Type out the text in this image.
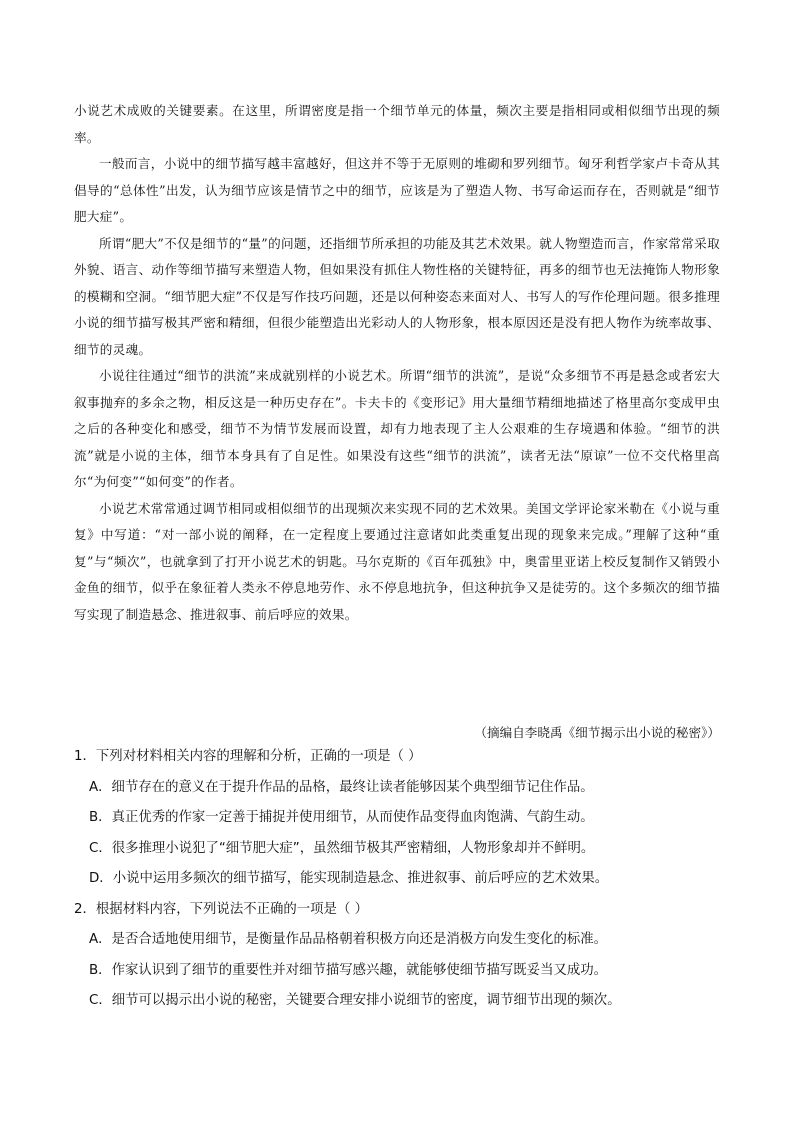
小说艺术成败的关键要素。在这里，所谓密度是指一个细节单元的体量，频次主要是指相同或相似细节出现的频率。

一般而言，小说中的细节描写越丰富越好，但这并不等于无原则的堆砌和罗列细节。匈牙利哲学家卢卡奇从其倡导的“总体性”出发，认为细节应该是情节之中的细节，应该是为了塑造人物、书写命运而存在，否则就是“细节肥大症”。

所谓“肥大”不仅是细节的“量”的问题，还指细节所承担的功能及其艺术效果。就人物塑造而言，作家常常采取外貌、语言、动作等细节描写来塑造人物，但如果没有抓住人物性格的关键特征，再多的细节也无法掩饰人物形象的模糊和空洞。“细节肥大症”不仅是写作技巧问题，还是以何种姿态来面对人、书写人的写作伦理问题。很多推理小说的细节描写极其严密和精细，但很少能塑造出光彩动人的人物形象，根本原因还是没有把人物作为统率故事、细节的灵魂。

小说往往通过“细节的洪流”来成就别样的小说艺术。所谓“细节的洪流”，是说“众多细节不再是悬念或者宏大叙事抛弃的多余之物，相反这是一种历史存在”。卡夫卡的《变形记》用大量细节精细地描述了格里高尔变成甲虫之后的各种变化和感受，细节不为情节发展而设置，却有力地表现了主人公艰难的生存境遇和体验。“细节的洪流”就是小说的主体，细节本身具有了自足性。如果没有这些“细节的洪流”，读者无法“原谅”一位不交代格里高尔“为何变”“如何变”的作者。

小说艺术常常通过调节相同或相似细节的出现频次来实现不同的艺术效果。美国文学评论家米勒在《小说与重复》中写道：“对一部小说的阐释，在一定程度上要通过注意诸如此类重复出现的现象来完成。”理解了这种“重复”与“频次”，也就拿到了打开小说艺术的钥匙。马尔克斯的《百年孤独》中，奥雷里亚诺上校反复制作又销毁小金鱼的细节，似乎在象征着人类永不停息地劳作、永不停息地抗争，但这种抗争又是徒劳的。这个多频次的细节描写实现了制造悬念、推进叙事、前后呼应的效果。

（摘编自李晓禹《细节揭示出小说的秘密》）

1．下列对材料相关内容的理解和分析，正确的一项是（ ）

A．细节存在的意义在于提升作品的品格，最终让读者能够因某个典型细节记住作品。

B．真正优秀的作家一定善于捕捉并使用细节，从而使作品变得血肉饱满、气韵生动。

C．很多推理小说犯了“细节肥大症”，虽然细节极其严密精细，人物形象却并不鲜明。

D．小说中运用多频次的细节描写，能实现制造悬念、推进叙事、前后呼应的艺术效果。

2．根据材料内容，下列说法不正确的一项是（ ）

A．是否合适地使用细节，是衡量作品品格朝着积极方向还是消极方向发生变化的标准。

B．作家认识到了细节的重要性并对细节描写感兴趣，就能够使细节描写既妥当又成功。

C．细节可以揭示出小说的秘密，关键要合理安排小说细节的密度，调节细节出现的频次。
